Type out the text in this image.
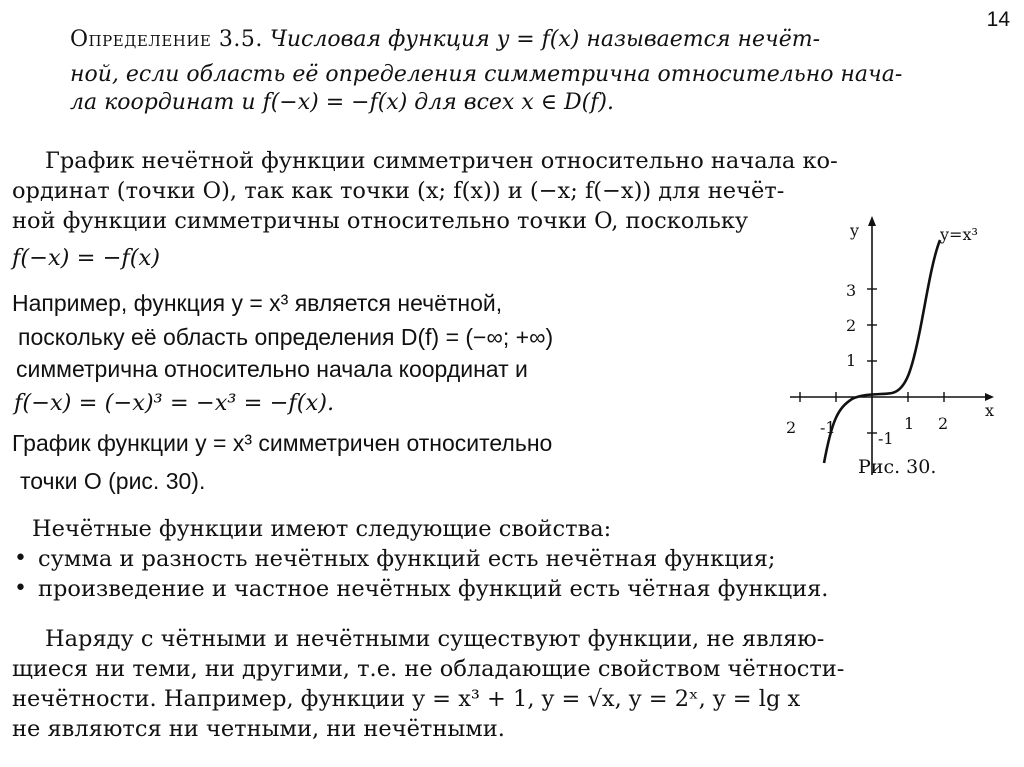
14
Определение 3.5. Числовая функция y = f(x) называется нечёт-
ной, если область её определения симметрична относительно нача-
ла координат и f(−x) = −f(x) для всех x ∈ D(f).
График нечётной функции симметричен относительно начала ко-
ординат (точки O), так как точки (x; f(x)) и (−x; f(−x)) для нечёт-
ной функции симметричны относительно точки O, поскольку
f(−x) = −f(x)
Например, функция y = x³ является нечётной,
поскольку её область определения D(f) = (−∞; +∞)
симметрична относительно начала координат и
f(−x) = (−x)³ = −x³ = −f(x).
График функции y = x³ симметричен относительно
точки O (рис. 30).
x
y	y=x³
2 -1	1 2
3
2
1
-1
Рис. 30.
Нечётные функции имеют следующие свойства:
• сумма и разность нечётных функций есть нечётная функция;
• произведение и частное нечётных функций есть чётная функция.
Наряду с чётными и нечётными существуют функции, не являю-
щиеся ни теми, ни другими, т.е. не обладающие свойством чётности-
нечётности. Например, функции y = x³ + 1, y = √x, y = 2ˣ, y = lg x
не являются ни четными, ни нечётными.
